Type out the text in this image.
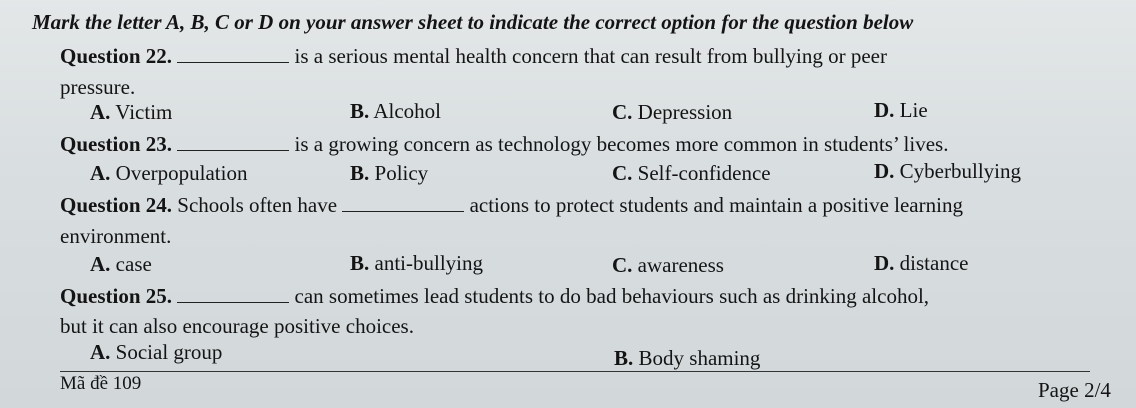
Mark the letter A, B, C or D on your answer sheet to indicate the correct option for the question below
Question 22.	is a serious mental health concern that can result from bullying or peer
pressure.
A. Victim	B. Alcohol	C. Depression	D. Lie
Question 23.	is a growing concern as technology becomes more common in students’ lives.
A. Overpopulation	B. Policy	C. Self-confidence	D. Cyberbullying
Question 24. Schools often have	actions to protect students and maintain a positive learning
environment.
A. case	B. anti-bullying	C. awareness	D. distance
Question 25.	can sometimes lead students to do bad behaviours such as drinking alcohol,
but it can also encourage positive choices.
A. Social group	B. Body shaming
Mã đề 109	Page 2/4
